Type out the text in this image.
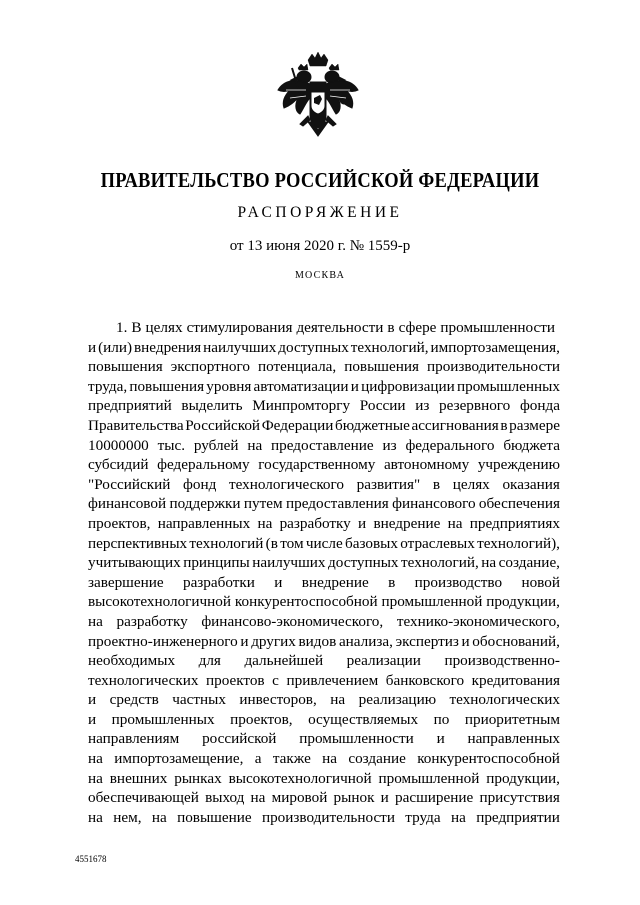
ПРАВИТЕЛЬСТВО РОССИЙСКОЙ ФЕДЕРАЦИИ
РАСПОРЯЖЕНИЕ
от 13 июня 2020 г. № 1559-р
МОСКВА
1. В целях стимулирования деятельности в сфере промышленности
и (или) внедрения наилучших доступных технологий, импортозамещения,
повышения экспортного потенциала, повышения производительности
труда, повышения уровня автоматизации и цифровизации промышленных
предприятий выделить Минпромторгу России из резервного фонда
Правительства Российской Федерации бюджетные ассигнования в размере
10000000 тыс. рублей на предоставление из федерального бюджета
субсидий федеральному государственному автономному учреждению
"Российский фонд технологического развития" в целях оказания
финансовой поддержки путем предоставления финансового обеспечения
проектов, направленных на разработку и внедрение на предприятиях
перспективных технологий (в том числе базовых отраслевых технологий),
учитывающих принципы наилучших доступных технологий, на создание,
завершение разработки и внедрение в производство новой
высокотехнологичной конкурентоспособной промышленной продукции,
на разработку финансово-экономического, технико-экономического,
проектно-инженерного и других видов анализа, экспертиз и обоснований,
необходимых для дальнейшей реализации производственно-
технологических проектов с привлечением банковского кредитования
и средств частных инвесторов, на реализацию технологических
и промышленных проектов, осуществляемых по приоритетным
направлениям российской промышленности и направленных
на импортозамещение, а также на создание конкурентоспособной
на внешних рынках высокотехнологичной промышленной продукции,
обеспечивающей выход на мировой рынок и расширение присутствия
на нем, на повышение производительности труда на предприятии
4551678
